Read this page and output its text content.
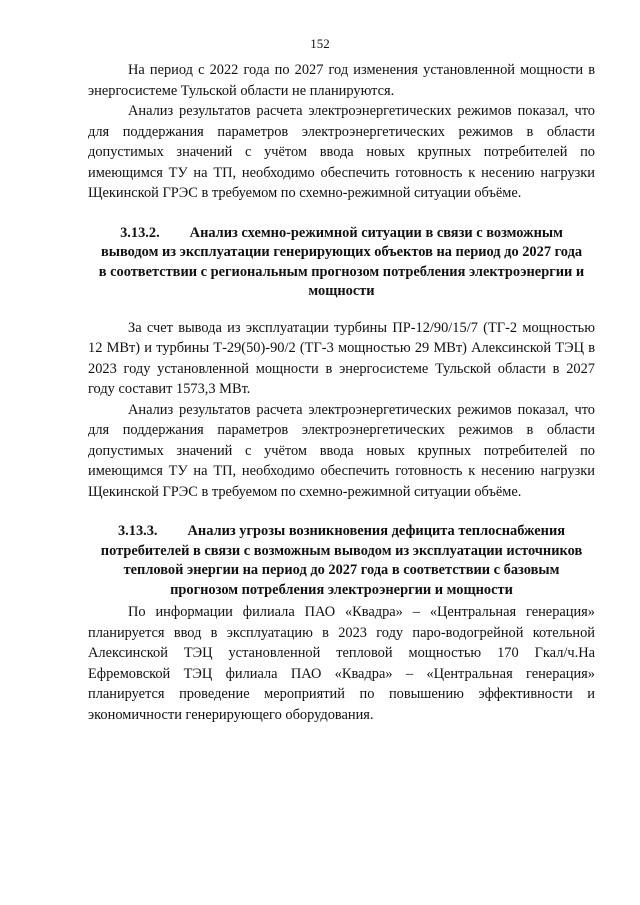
152

На период с 2022 года по 2027 год изменения установленной мощности в энергосистеме Тульской области не планируются.

Анализ результатов расчета электроэнергетических режимов показал, что для поддержания параметров электроэнергетических режимов в области допустимых значений с учётом ввода новых крупных потребителей по имеющимся ТУ на ТП, необходимо обеспечить готовность к несению нагрузки Щекинской ГРЭС в требуемом по схемно-режимной ситуации объёме.

3.13.2. Анализ схемно-режимной ситуации в связи с возможным выводом из эксплуатации генерирующих объектов на период до 2027 года в соответствии с региональным прогнозом потребления электроэнергии и мощности

За счет вывода из эксплуатации турбины ПР-12/90/15/7 (ТГ-2 мощностью 12 МВт) и турбины Т-29(50)-90/2 (ТГ-3 мощностью 29 МВт) Алексинской ТЭЦ в 2023 году установленной мощности в энергосистеме Тульской области в 2027 году составит 1573,3 МВт.

Анализ результатов расчета электроэнергетических режимов показал, что для поддержания параметров электроэнергетических режимов в области допустимых значений с учётом ввода новых крупных потребителей по имеющимся ТУ на ТП, необходимо обеспечить готовность к несению нагрузки Щекинской ГРЭС в требуемом по схемно-режимной ситуации объёме.

3.13.3. Анализ угрозы возникновения дефицита теплоснабжения потребителей в связи с возможным выводом из эксплуатации источников тепловой энергии на период до 2027 года в соответствии с базовым прогнозом потребления электроэнергии и мощности

По информации филиала ПАО «Квадра» – «Центральная генерация» планируется ввод в эксплуатацию в 2023 году паро-водогрейной котельной Алексинской ТЭЦ установленной тепловой мощностью 170 Гкал/ч.На Ефремовской ТЭЦ филиала ПАО «Квадра» – «Центральная генерация» планируется проведение мероприятий по повышению эффективности и экономичности генерирующего оборудования.
